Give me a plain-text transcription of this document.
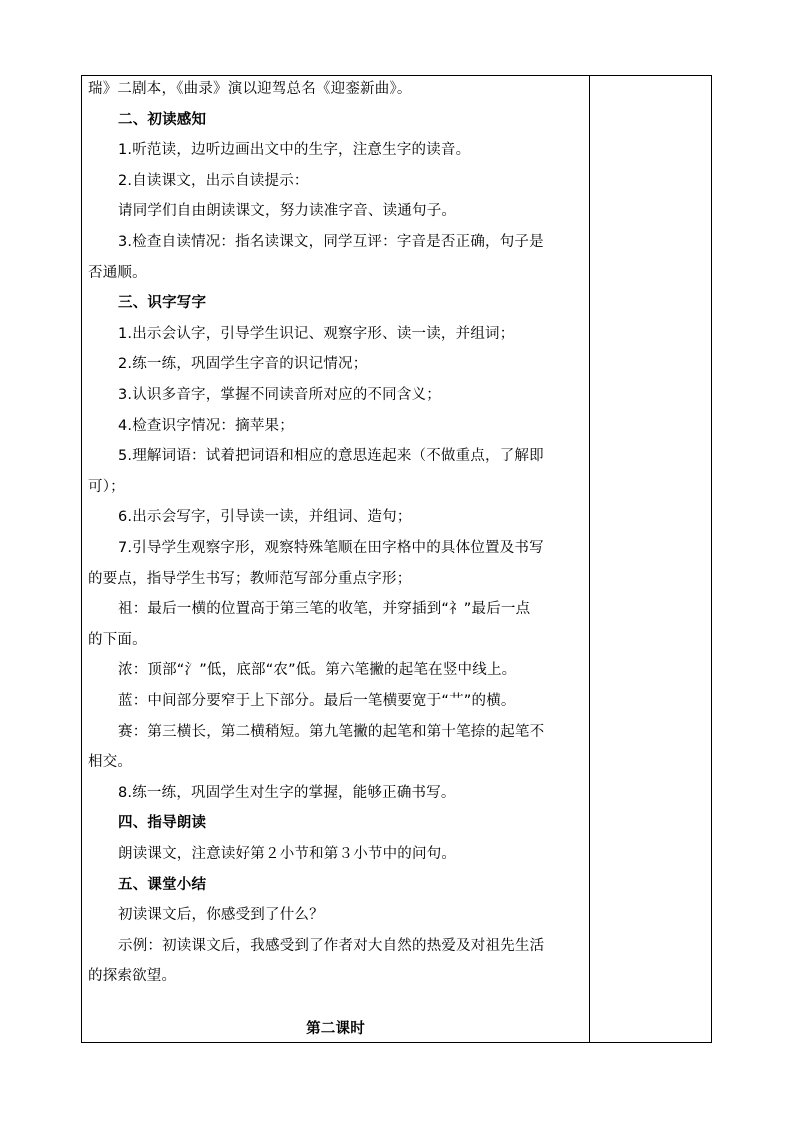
瑞》二剧本，《曲录》演以迎驾总名《迎銮新曲》。
二、初读感知
1.听范读，边听边画出文中的生字，注意生字的读音。
2.自读课文，出示自读提示：
请同学们自由朗读课文，努力读准字音、读通句子。
3.检查自读情况：指名读课文，同学互评：字音是否正确，句子是
否通顺。
三、识字写字
1.出示会认字，引导学生识记、观察字形、读一读，并组词；
2.练一练，巩固学生字音的识记情况；
3.认识多音字，掌握不同读音所对应的不同含义；
4.检查识字情况：摘苹果；
5.理解词语：试着把词语和相应的意思连起来（不做重点，了解即
可）；
6.出示会写字，引导读一读，并组词、造句；
7.引导学生观察字形，观察特殊笔顺在田字格中的具体位置及书写
的要点，指导学生书写；教师范写部分重点字形；
祖：最后一横的位置高于第三笔的收笔，并穿插到“礻”最后一点
的下面。
浓：顶部“氵”低，底部“农”低。第六笔撇的起笔在竖中线上。
蓝：中间部分要窄于上下部分。最后一笔横要宽于“艹”的横。
赛：第三横长，第二横稍短。第九笔撇的起笔和第十笔捺的起笔不
相交。
8.练一练，巩固学生对生字的掌握，能够正确书写。
四、指导朗读
朗读课文，注意读好第２小节和第３小节中的问句。
五、课堂小结
初读课文后，你感受到了什么？
示例：初读课文后，我感受到了作者对大自然的热爱及对祖先生活
的探索欲望。
第二课时
